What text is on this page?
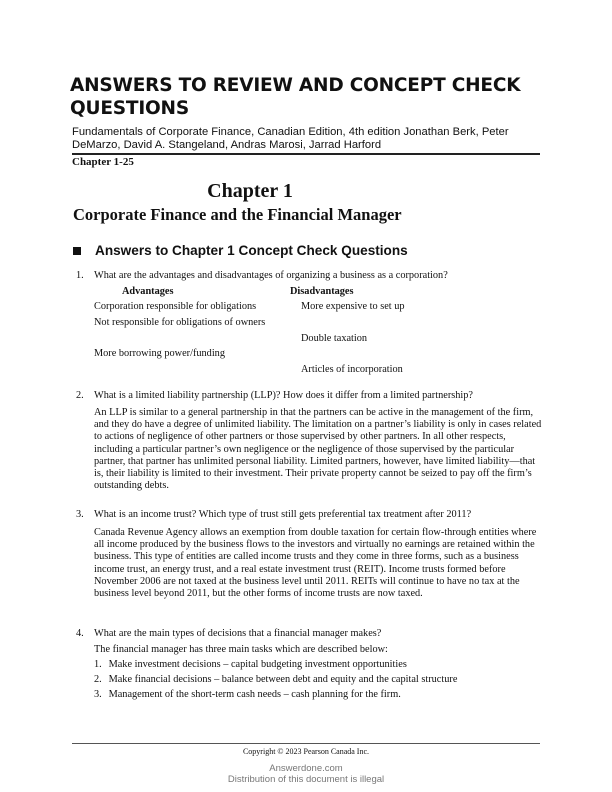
ANSWERS TO REVIEW AND CONCEPT CHECK
QUESTIONS
Fundamentals of Corporate Finance, Canadian Edition, 4th edition Jonathan Berk, Peter
DeMarzo, David A. Stangeland, Andras Marosi, Jarrad Harford
Chapter 1-25
Chapter 1
Corporate Finance and the Financial Manager
Answers to Chapter 1 Concept Check Questions
1. What are the advantages and disadvantages of organizing a business as a corporation?
Advantages	Disadvantages
Corporation responsible for obligations	More expensive to set up
Not responsible for obligations of owners
Double taxation
More borrowing power/funding
Articles of incorporation
2. What is a limited liability partnership (LLP)? How does it differ from a limited partnership?
An LLP is similar to a general partnership in that the partners can be active in the management of the firm, and they do have a degree of unlimited liability. The limitation on a partner’s liability is only in cases related to actions of negligence of other partners or those supervised by other partners. In all other respects, including a particular partner’s own negligence or the negligence of those supervised by the particular partner, that partner has unlimited personal liability. Limited partners, however, have limited liability—that is, their liability is limited to their investment. Their private property cannot be seized to pay off the firm’s outstanding debts.
3. What is an income trust? Which type of trust still gets preferential tax treatment after 2011?
Canada Revenue Agency allows an exemption from double taxation for certain flow-through entities where all income produced by the business flows to the investors and virtually no earnings are retained within the business. This type of entities are called income trusts and they come in three forms, such as a business income trust, an energy trust, and a real estate investment trust (REIT). Income trusts formed before November 2006 are not taxed at the business level until 2011. REITs will continue to have no tax at the business level beyond 2011, but the other forms of income trusts are now taxed.
4. What are the main types of decisions that a financial manager makes?
The financial manager has three main tasks which are described below:
1. Make investment decisions – capital budgeting investment opportunities
2. Make financial decisions – balance between debt and equity and the capital structure
3. Management of the short-term cash needs – cash planning for the firm.
Copyright © 2023 Pearson Canada Inc.
Answerdone.com
Distribution of this document is illegal
